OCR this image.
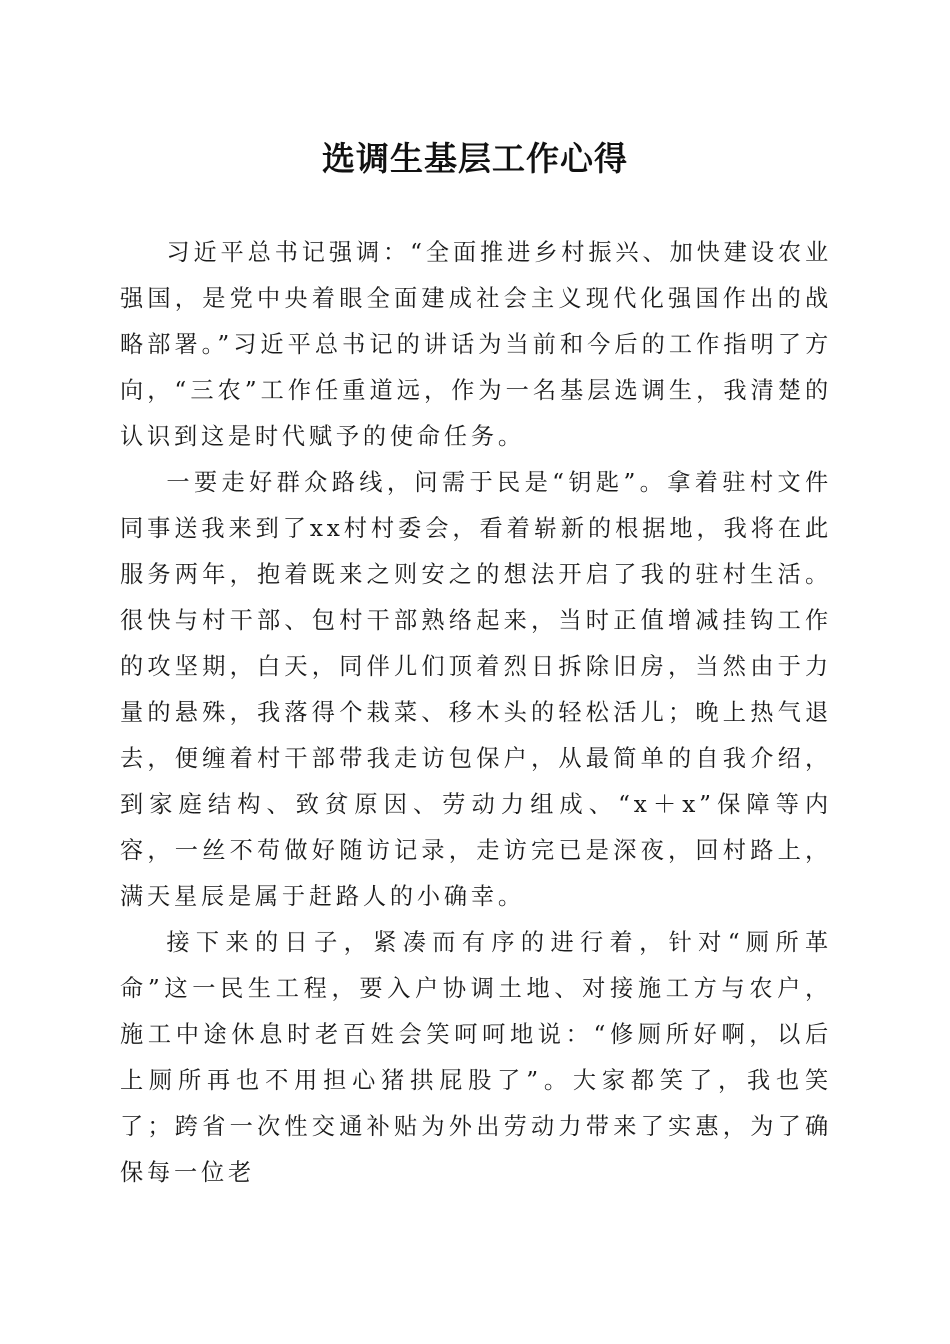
选调生基层工作心得

习近平总书记强调：“全面推进乡村振兴、加快建设农业强国，是党中央着眼全面建成社会主义现代化强国作出的战略部署。”习近平总书记的讲话为当前和今后的工作指明了方向，“三农”工作任重道远，作为一名基层选调生，我清楚的认识到这是时代赋予的使命任务。

一要走好群众路线，问需于民是“钥匙”。拿着驻村文件同事送我来到了xx村村委会，看着崭新的根据地，我将在此服务两年，抱着既来之则安之的想法开启了我的驻村生活。很快与村干部、包村干部熟络起来，当时正值增减挂钩工作的攻坚期，白天，同伴儿们顶着烈日拆除旧房，当然由于力量的悬殊，我落得个栽菜、移木头的轻松活儿；晚上热气退去，便缠着村干部带我走访包保户，从最简单的自我介绍，到家庭结构、致贫原因、劳动力组成、“x＋x”保障等内容，一丝不苟做好随访记录，走访完已是深夜，回村路上，满天星辰是属于赶路人的小确幸。

接下来的日子，紧凑而有序的进行着，针对“厕所革命”这一民生工程，要入户协调土地、对接施工方与农户，施工中途休息时老百姓会笑呵呵地说：“修厕所好啊，以后上厕所再也不用担心猪拱屁股了”。大家都笑了，我也笑了；跨省一次性交通补贴为外出劳动力带来了实惠，为了确保每一位老
